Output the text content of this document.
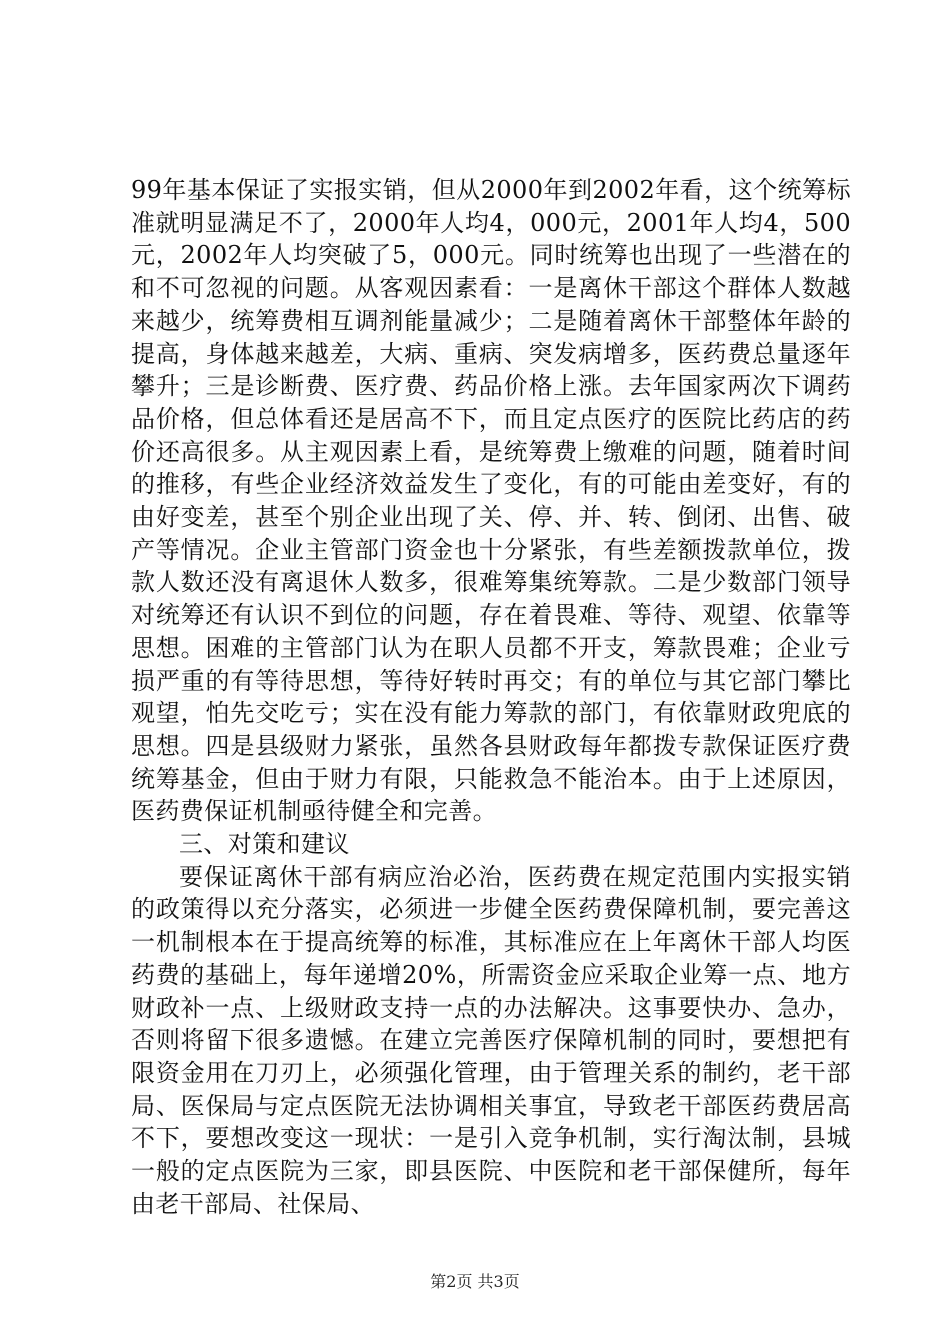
99年基本保证了实报实销，但从2000年到2002年看，这个统筹标准就明显满足不了，2000年人均4，000元，2001年人均4，500元，2002年人均突破了5，000元。同时统筹也出现了一些潜在的和不可忽视的问题。从客观因素看：一是离休干部这个群体人数越来越少，统筹费相互调剂能量减少；二是随着离休干部整体年龄的提高，身体越来越差，大病、重病、突发病增多，医药费总量逐年攀升；三是诊断费、医疗费、药品价格上涨。去年国家两次下调药品价格，但总体看还是居高不下，而且定点医疗的医院比药店的药价还高很多。从主观因素上看，是统筹费上缴难的问题，随着时间的推移，有些企业经济效益发生了变化，有的可能由差变好，有的由好变差，甚至个别企业出现了关、停、并、转、倒闭、出售、破产等情况。企业主管部门资金也十分紧张，有些差额拨款单位，拨款人数还没有离退休人数多，很难筹集统筹款。二是少数部门领导对统筹还有认识不到位的问题，存在着畏难、等待、观望、依靠等思想。困难的主管部门认为在职人员都不开支，筹款畏难；企业亏损严重的有等待思想，等待好转时再交；有的单位与其它部门攀比观望，怕先交吃亏；实在没有能力筹款的部门，有依靠财政兜底的思想。四是县级财力紧张，虽然各县财政每年都拨专款保证医疗费统筹基金，但由于财力有限，只能救急不能治本。由于上述原因，医药费保证机制亟待健全和完善。

三、对策和建议

要保证离休干部有病应治必治，医药费在规定范围内实报实销的政策得以充分落实，必须进一步健全医药费保障机制，要完善这一机制根本在于提高统筹的标准，其标准应在上年离休干部人均医药费的基础上，每年递增20%，所需资金应采取企业筹一点、地方财政补一点、上级财政支持一点的办法解决。这事要快办、急办，否则将留下很多遗憾。在建立完善医疗保障机制的同时，要想把有限资金用在刀刃上，必须强化管理，由于管理关系的制约，老干部局、医保局与定点医院无法协调相关事宜，导致老干部医药费居高不下，要想改变这一现状：一是引入竞争机制，实行淘汰制，县城一般的定点医院为三家，即县医院、中医院和老干部保健所，每年由老干部局、社保局、

第2页 共3页
